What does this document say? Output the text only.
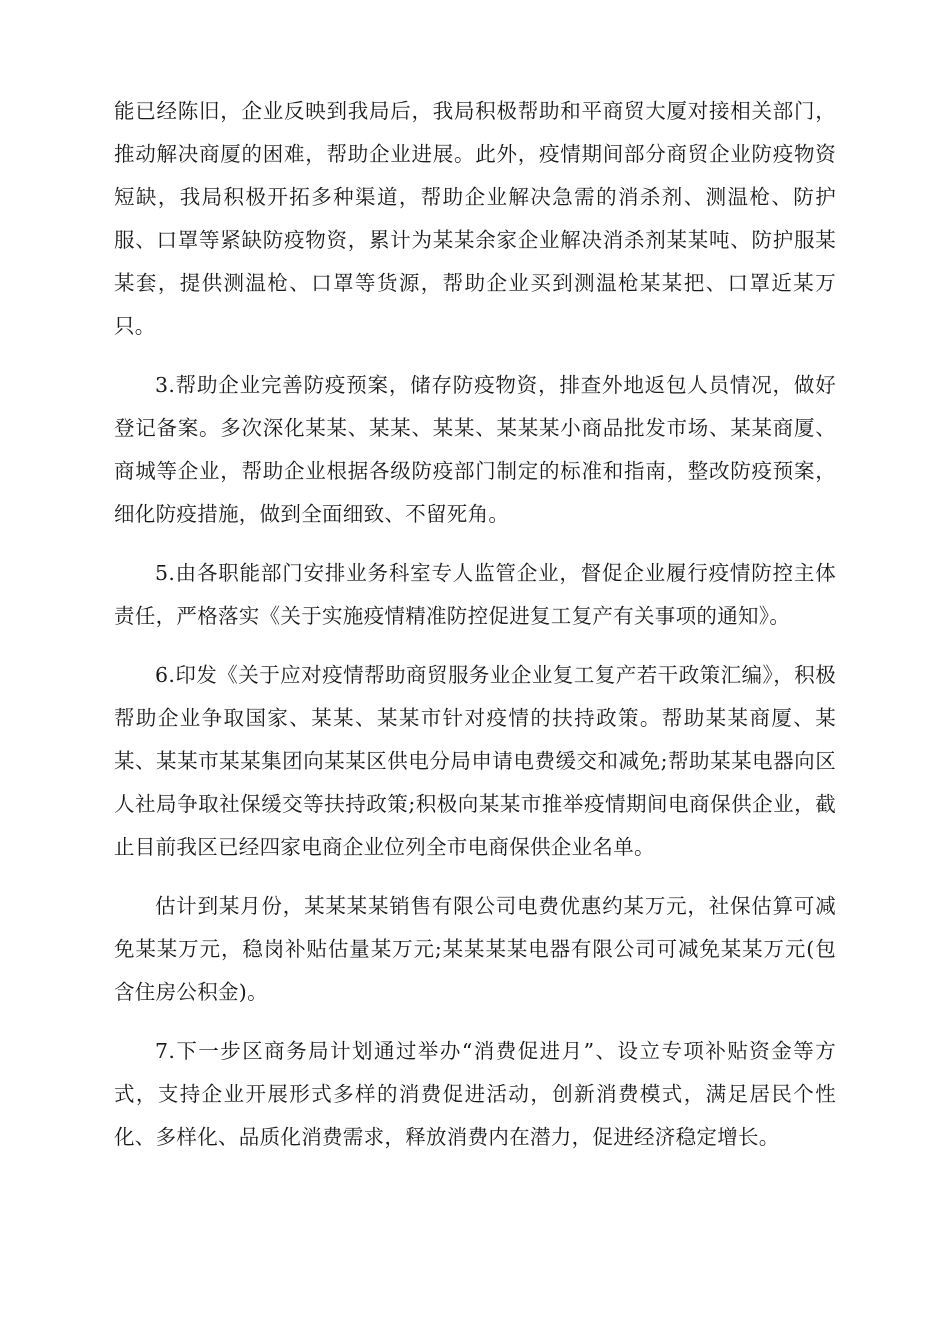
能已经陈旧，企业反映到我局后，我局积极帮助和平商贸大厦对接相关部门，推动解决商厦的困难，帮助企业进展。此外，疫情期间部分商贸企业防疫物资短缺，我局积极开拓多种渠道，帮助企业解决急需的消杀剂、测温枪、防护服、口罩等紧缺防疫物资，累计为某某余家企业解决消杀剂某某吨、防护服某某套，提供测温枪、口罩等货源，帮助企业买到测温枪某某把、口罩近某万只。

3.帮助企业完善防疫预案，储存防疫物资，排查外地返包人员情况，做好登记备案。多次深化某某、某某、某某、某某某小商品批发市场、某某商厦、商城等企业，帮助企业根据各级防疫部门制定的标准和指南，整改防疫预案，细化防疫措施，做到全面细致、不留死角。

5.由各职能部门安排业务科室专人监管企业，督促企业履行疫情防控主体责任，严格落实《关于实施疫情精准防控促进复工复产有关事项的通知》。

6.印发《关于应对疫情帮助商贸服务业企业复工复产若干政策汇编》，积极帮助企业争取国家、某某、某某市针对疫情的扶持政策。帮助某某商厦、某某、某某市某某集团向某某区供电分局申请电费缓交和减免;帮助某某电器向区人社局争取社保缓交等扶持政策;积极向某某市推举疫情期间电商保供企业，截止目前我区已经四家电商企业位列全市电商保供企业名单。

估计到某月份，某某某某销售有限公司电费优惠约某万元，社保估算可减免某某万元，稳岗补贴估量某万元;某某某某电器有限公司可减免某某万元(包含住房公积金)。

7.下一步区商务局计划通过举办“消费促进月”、设立专项补贴资金等方式，支持企业开展形式多样的消费促进活动，创新消费模式，满足居民个性化、多样化、品质化消费需求，释放消费内在潜力，促进经济稳定增长。
